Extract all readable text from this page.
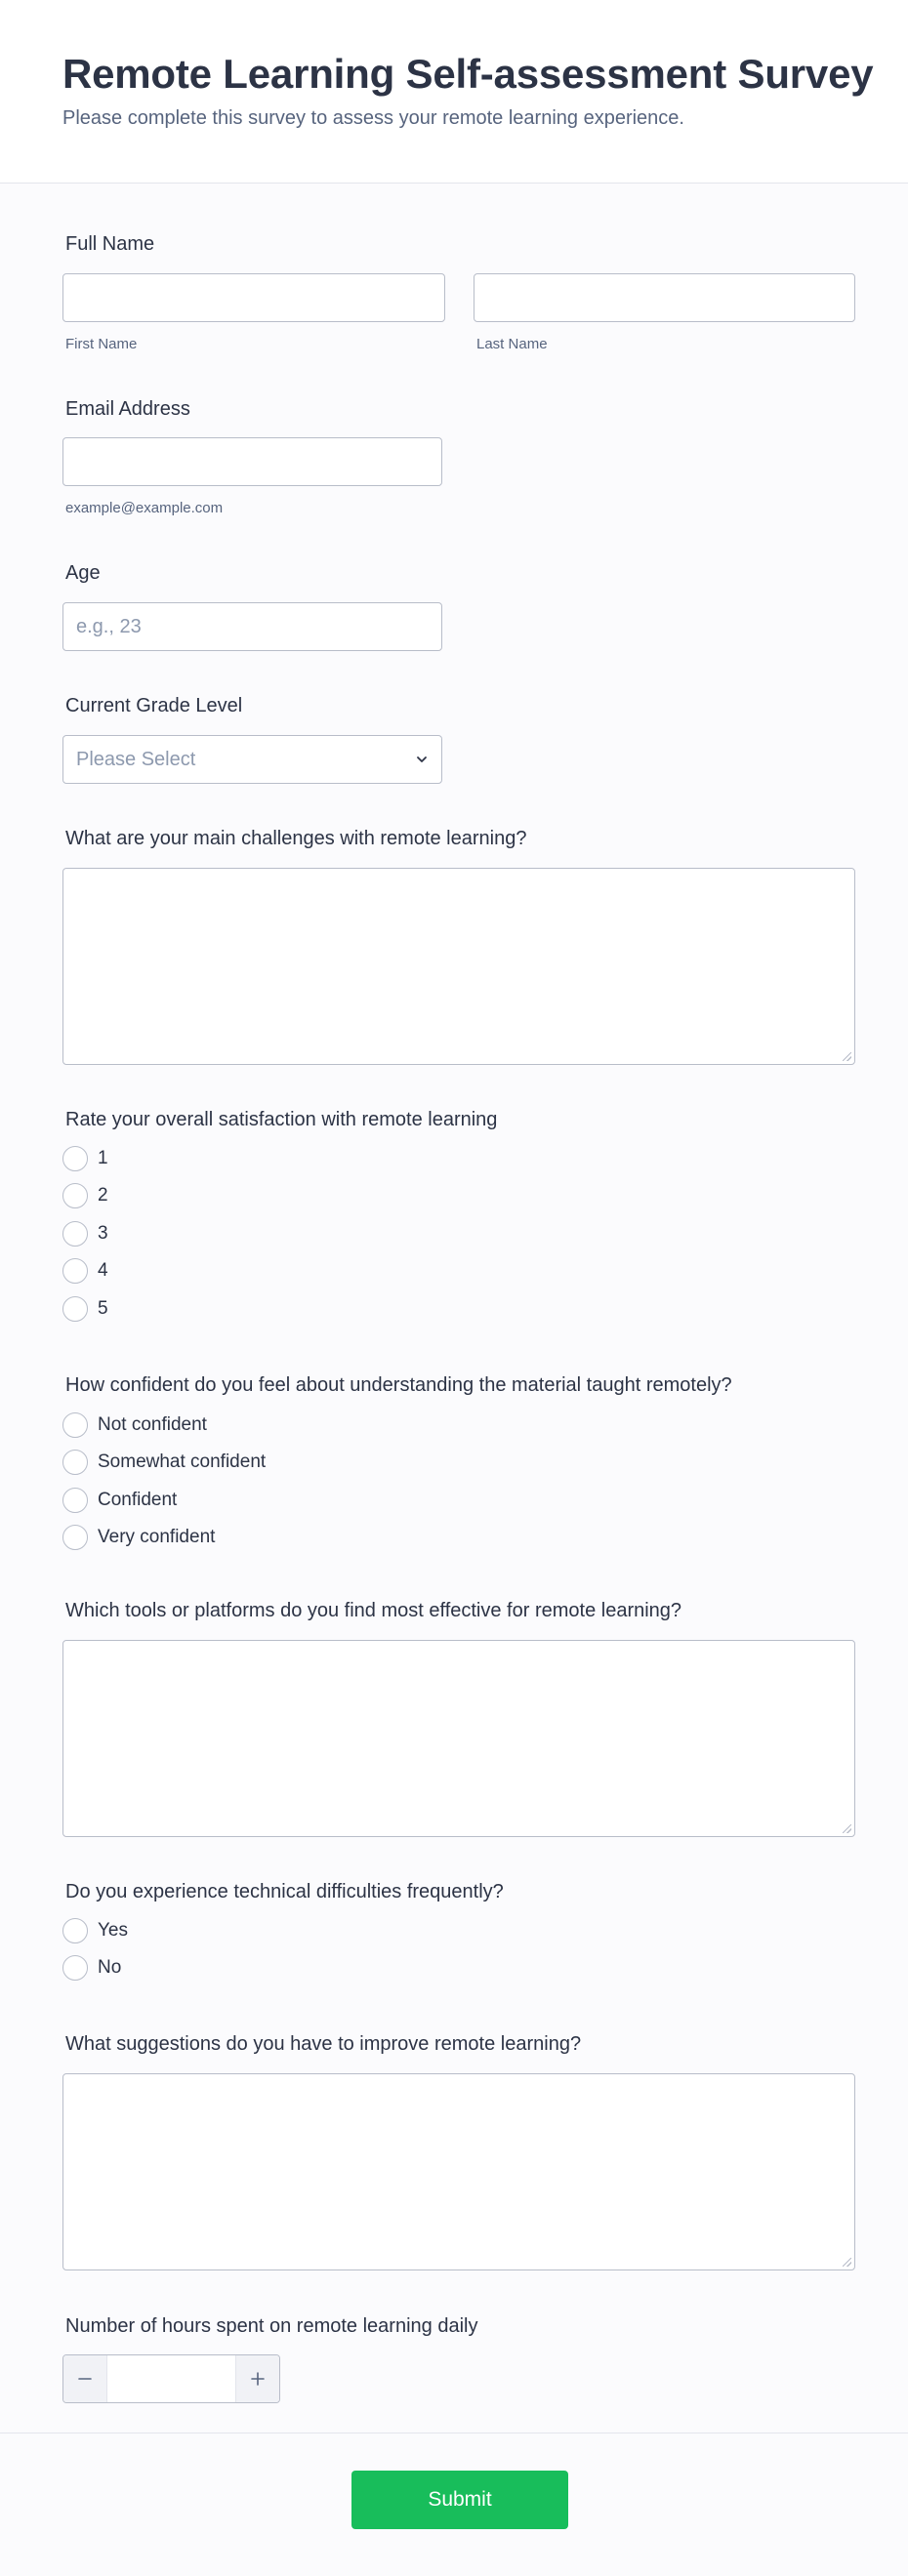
Remote Learning Self-assessment Survey

Please complete this survey to assess your remote learning experience.

Full Name
First Name	Last Name
Email Address
example@example.com
Age
e.g., 23
Current Grade Level
Please Select
What are your main challenges with remote learning?
Rate your overall satisfaction with remote learning
1
2
3
4
5
How confident do you feel about understanding the material taught remotely?
Not confident
Somewhat confident
Confident
Very confident
Which tools or platforms do you find most effective for remote learning?
Do you experience technical difficulties frequently?
Yes
No
What suggestions do you have to improve remote learning?
Number of hours spent on remote learning daily
Submit
